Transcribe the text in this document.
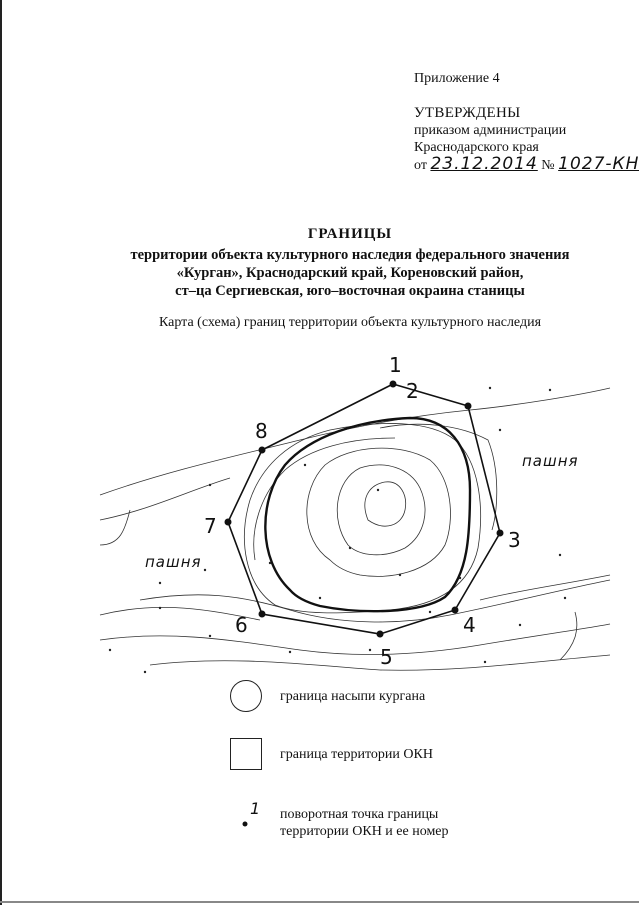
Приложение 4
УТВЕРЖДЕНЫ
приказом администрации
Краснодарского края
от 23.12.2014 № 1027-КН
ГРАНИЦЫ
территории объекта культурного наследия федерального значения
«Курган», Краснодарский край, Кореновский район,
ст–ца Сергиевская, юго–восточная окраина станицы
Карта (схема) границ территории объекта культурного наследия
1
2
3
4
5
6
7
8
пашня
пашня
граница насыпи кургана
граница территории ОКН
1 поворотная точка границы
территории ОКН и ее номер
